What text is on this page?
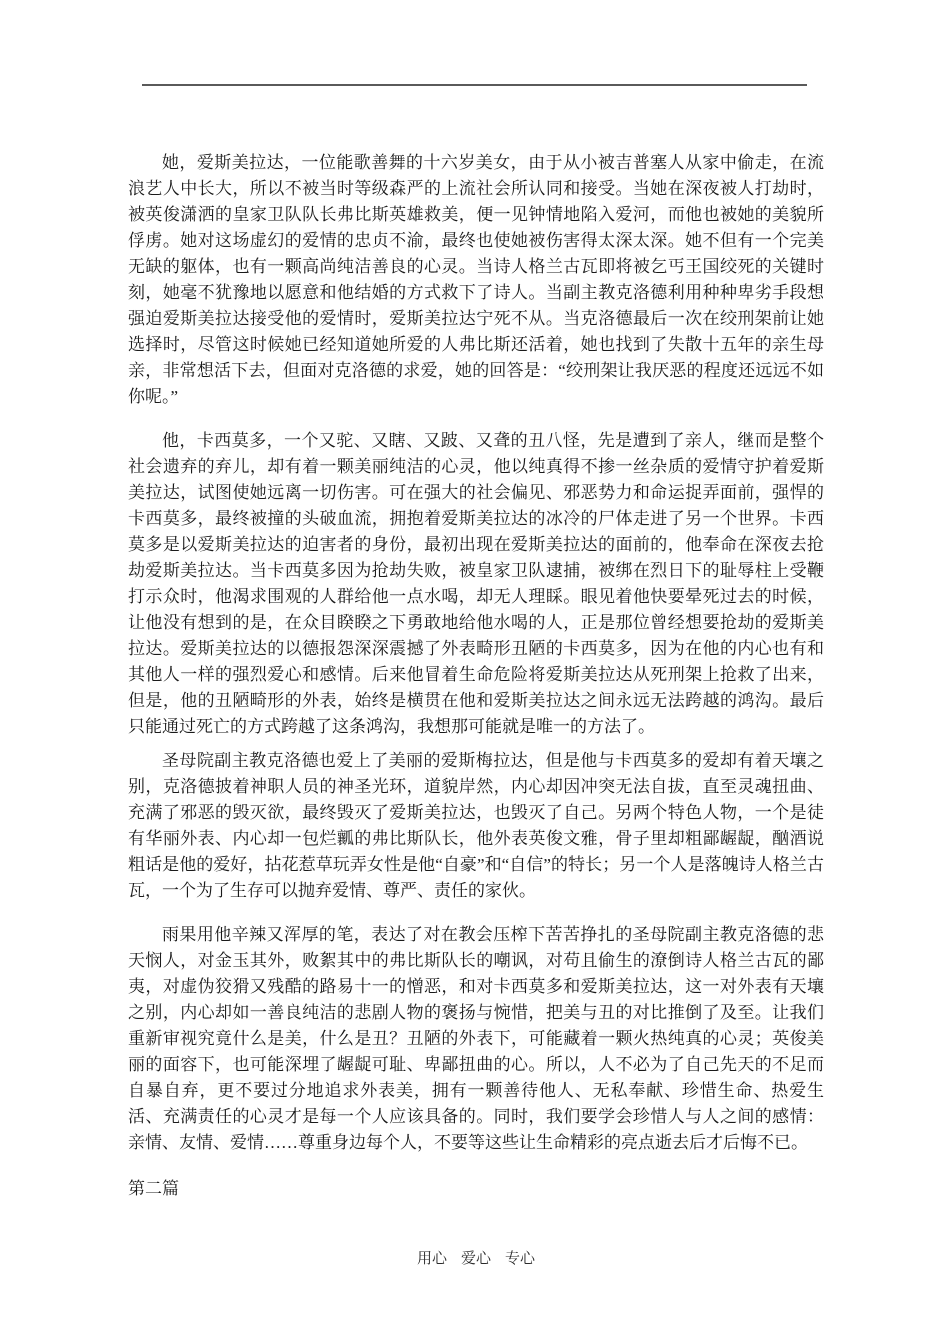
她，爱斯美拉达，一位能歌善舞的十六岁美女，由于从小被吉普塞人从家中偷走，在流浪艺人中长大，所以不被当时等级森严的上流社会所认同和接受。当她在深夜被人打劫时，被英俊潇洒的皇家卫队队长弗比斯英雄救美，便一见钟情地陷入爱河，而他也被她的美貌所俘虏。她对这场虚幻的爱情的忠贞不渝，最终也使她被伤害得太深太深。她不但有一个完美无缺的躯体，也有一颗高尚纯洁善良的心灵。当诗人格兰古瓦即将被乞丐王国绞死的关键时刻，她毫不犹豫地以愿意和他结婚的方式救下了诗人。当副主教克洛德利用种种卑劣手段想强迫爱斯美拉达接受他的爱情时，爱斯美拉达宁死不从。当克洛德最后一次在绞刑架前让她选择时，尽管这时候她已经知道她所爱的人弗比斯还活着，她也找到了失散十五年的亲生母亲，非常想活下去，但面对克洛德的求爱，她的回答是：“绞刑架让我厌恶的程度还远远不如你呢。”

他，卡西莫多，一个又驼、又瞎、又跛、又聋的丑八怪，先是遭到了亲人，继而是整个社会遗弃的弃儿，却有着一颗美丽纯洁的心灵，他以纯真得不掺一丝杂质的爱情守护着爱斯美拉达，试图使她远离一切伤害。可在强大的社会偏见、邪恶势力和命运捉弄面前，强悍的卡西莫多，最终被撞的头破血流，拥抱着爱斯美拉达的冰冷的尸体走进了另一个世界。卡西莫多是以爱斯美拉达的迫害者的身份，最初出现在爱斯美拉达的面前的，他奉命在深夜去抢劫爱斯美拉达。当卡西莫多因为抢劫失败，被皇家卫队逮捕，被绑在烈日下的耻辱柱上受鞭打示众时，他渴求围观的人群给他一点水喝，却无人理睬。眼见着他快要晕死过去的时候，让他没有想到的是，在众目睽睽之下勇敢地给他水喝的人，正是那位曾经想要抢劫的爱斯美拉达。爱斯美拉达的以德报怨深深震撼了外表畸形丑陋的卡西莫多，因为在他的内心也有和其他人一样的强烈爱心和感情。后来他冒着生命危险将爱斯美拉达从死刑架上抢救了出来，但是，他的丑陋畸形的外表，始终是横贯在他和爱斯美拉达之间永远无法跨越的鸿沟。最后只能通过死亡的方式跨越了这条鸿沟，我想那可能就是唯一的方法了。

圣母院副主教克洛德也爱上了美丽的爱斯梅拉达，但是他与卡西莫多的爱却有着天壤之别，克洛德披着神职人员的神圣光环，道貌岸然，内心却因冲突无法自拔，直至灵魂扭曲、充满了邪恶的毁灭欲，最终毁灭了爱斯美拉达，也毁灭了自己。另两个特色人物，一个是徒有华丽外表、内心却一包烂瓤的弗比斯队长，他外表英俊文雅，骨子里却粗鄙龌龊，酗酒说粗话是他的爱好，拈花惹草玩弄女性是他“自豪”和“自信”的特长；另一个人是落魄诗人格兰古瓦，一个为了生存可以抛弃爱情、尊严、责任的家伙。

雨果用他辛辣又浑厚的笔，表达了对在教会压榨下苦苦挣扎的圣母院副主教克洛德的悲天悯人，对金玉其外，败絮其中的弗比斯队长的嘲讽，对苟且偷生的潦倒诗人格兰古瓦的鄙夷，对虚伪狡猾又残酷的路易十一的憎恶，和对卡西莫多和爱斯美拉达，这一对外表有天壤之别，内心却如一善良纯洁的悲剧人物的褒扬与惋惜，把美与丑的对比推倒了及至。让我们重新审视究竟什么是美，什么是丑？丑陋的外表下，可能藏着一颗火热纯真的心灵；英俊美丽的面容下，也可能深埋了龌龊可耻、卑鄙扭曲的心。所以，人不必为了自己先天的不足而自暴自弃，更不要过分地追求外表美，拥有一颗善待他人、无私奉献、珍惜生命、热爱生活、充满责任的心灵才是每一个人应该具备的。同时，我们要学会珍惜人与人之间的感情：亲情、友情、爱情……尊重身边每个人，不要等这些让生命精彩的亮点逝去后才后悔不已。

第二篇

用心 爱心 专心
